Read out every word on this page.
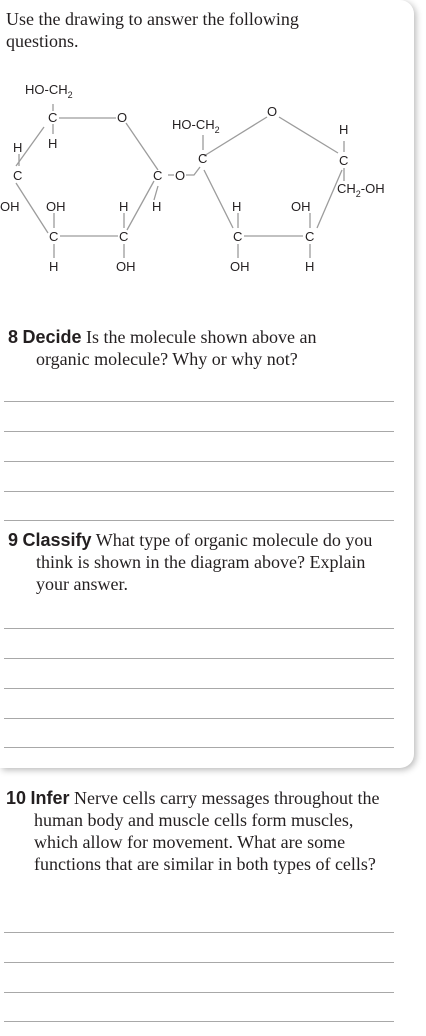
Use the drawing to answer the following questions.
$HO-CH_2$
C	O
H
H
C
OH OH
C
H
H
C
OH
H
C O
$HO-CH_2$
O
C
H
C
$CH_2-OH$
H
C
OH
OH
C
H
8 Decide Is the molecule shown above an organic molecule? Why or why not?
9 Classify What type of organic molecule do you think is shown in the diagram above? Explain your answer.
10 Infer Nerve cells carry messages throughout the human body and muscle cells form muscles, which allow for movement. What are some functions that are similar in both types of cells?
